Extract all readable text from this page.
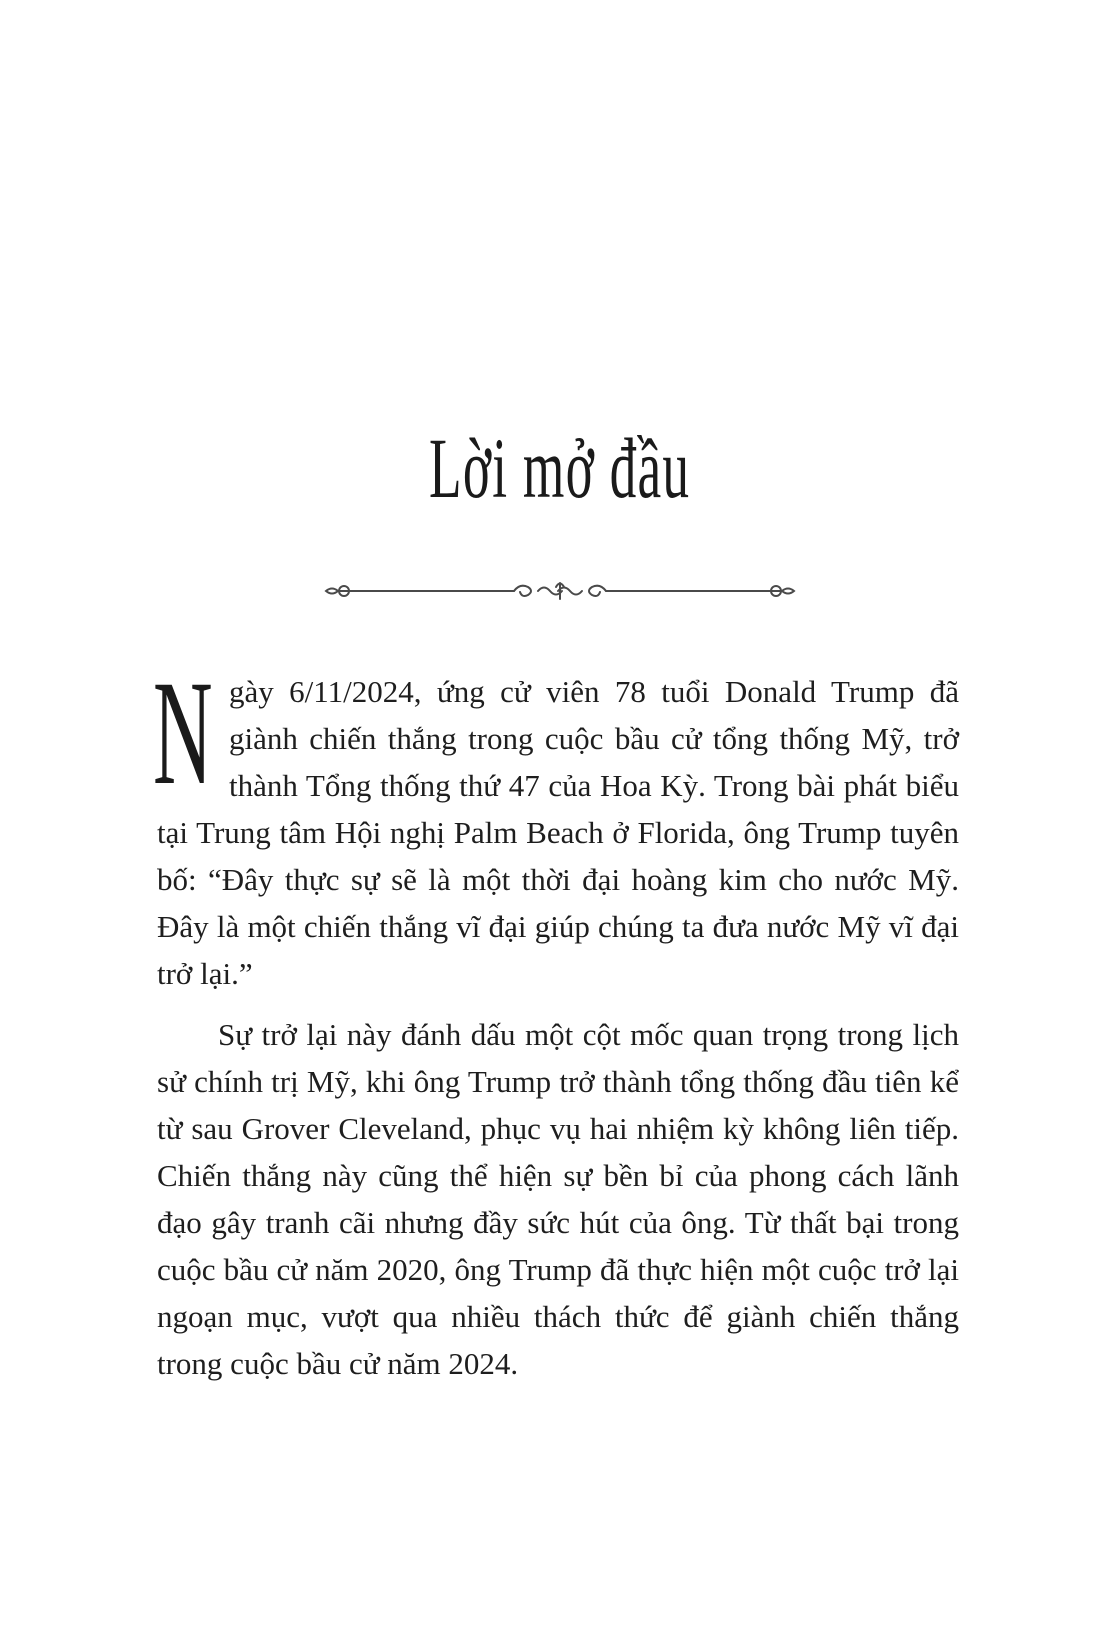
Lời mở đầu

Ngày 6/11/2024, ứng cử viên 78 tuổi Donald Trump đã giành chiến thắng trong cuộc bầu cử tổng thống Mỹ, trở thành Tổng thống thứ 47 của Hoa Kỳ. Trong bài phát biểu tại Trung tâm Hội nghị Palm Beach ở Florida, ông Trump tuyên bố: “Đây thực sự sẽ là một thời đại hoàng kim cho nước Mỹ. Đây là một chiến thắng vĩ đại giúp chúng ta đưa nước Mỹ vĩ đại trở lại.”

Sự trở lại này đánh dấu một cột mốc quan trọng trong lịch sử chính trị Mỹ, khi ông Trump trở thành tổng thống đầu tiên kể từ sau Grover Cleveland, phục vụ hai nhiệm kỳ không liên tiếp. Chiến thắng này cũng thể hiện sự bền bỉ của phong cách lãnh đạo gây tranh cãi nhưng đầy sức hút của ông. Từ thất bại trong cuộc bầu cử năm 2020, ông Trump đã thực hiện một cuộc trở lại ngoạn mục, vượt qua nhiều thách thức để giành chiến thắng trong cuộc bầu cử năm 2024.
